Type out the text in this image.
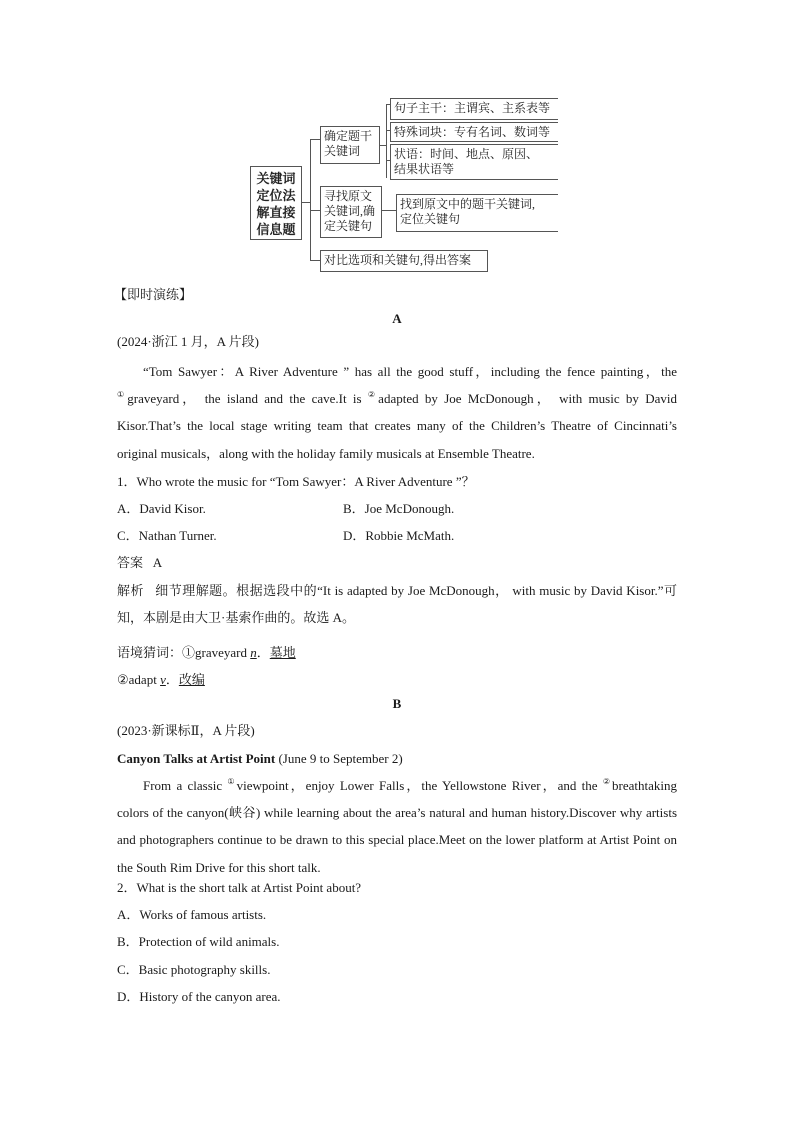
关键词
定位法
解直接
信息题
确定题干
关键词
句子主干：主谓宾、主系表等
特殊词块：专有名词、数词等
状语：时间、地点、原因、
结果状语等
寻找原文
关键词,确
定关键句
找到原文中的题干关键词,
定位关键句
对比选项和关键句,得出答案
【即时演练】
A
(2024·浙江 1 月，A 片段)
“Tom Sawyer：A River Adventure ” has all the good stuff，including the fence painting，the ①graveyard， the island and the cave.It is ②adapted by Joe McDonough， with music by David Kisor.That’s the local stage writing team that creates many of the Children’s Theatre of Cincinnati’s original musicals，along with the holiday family musicals at Ensemble Theatre.
1．Who wrote the music for “Tom Sawyer：A River Adventure ”？
A．David Kisor.	B．Joe McDonough.
C．Nathan Turner.	D．Robbie McMath.
答案 A
解析 细节理解题。根据选段中的“It is adapted by Joe McDonough， with music by David Kisor.”可知，本剧是由大卫·基索作曲的。故选 A。
语境猜词：①graveyard n．墓地
②adapt v．改编
B
(2023·新课标Ⅱ，A 片段)
Canyon Talks at Artist Point (June 9 to September 2)
From a classic ①viewpoint，enjoy Lower Falls，the Yellowstone River，and the ②breathtaking colors of the canyon(峡谷) while learning about the area’s natural and human history.Discover why artists and photographers continue to be drawn to this special place.Meet on the lower platform at Artist Point on the South Rim Drive for this short talk.
2．What is the short talk at Artist Point about?
A．Works of famous artists.
B．Protection of wild animals.
C．Basic photography skills.
D．History of the canyon area.
